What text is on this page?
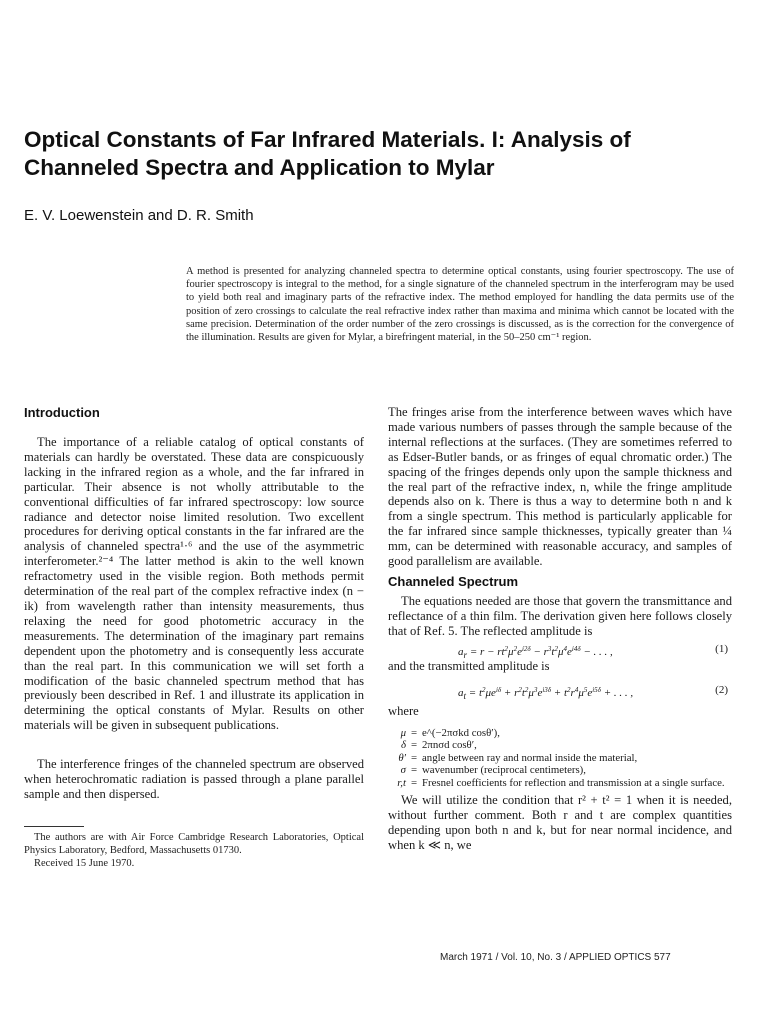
Optical Constants of Far Infrared Materials. I: Analysis of Channeled Spectra and Application to Mylar
E. V. Loewenstein and D. R. Smith
A method is presented for analyzing channeled spectra to determine optical constants, using fourier spectroscopy. The use of fourier spectroscopy is integral to the method, for a single signature of the channeled spectrum in the interferogram may be used to yield both real and imaginary parts of the refractive index. The method employed for handling the data permits use of the position of zero crossings to calculate the real refractive index rather than maxima and minima which cannot be located with the same precision. Determination of the order number of the zero crossings is discussed, as is the correction for the convergence of the illumination. Results are given for Mylar, a birefringent material, in the 50–250 cm⁻¹ region.
Introduction

The importance of a reliable catalog of optical constants of materials can hardly be overstated. These data are conspicuously lacking in the infrared region as a whole, and the far infrared in particular. Their absence is not wholly attributable to the conventional difficulties of far infrared spectroscopy: low source radiance and detector noise limited resolution. Two excellent procedures for deriving optical constants in the far infrared are the analysis of channeled spectra¹·⁶ and the use of the asymmetric interferometer.²⁻⁴ The latter method is akin to the well known refractometry used in the visible region. Both methods permit determination of the real part of the complex refractive index (n − ik) from wavelength rather than intensity measurements, thus relaxing the need for good photometric accuracy in the measurements. The determination of the imaginary part remains dependent upon the photometry and is consequently less accurate than the real part. In this communication we will set forth a modification of the basic channeled spectrum method that has previously been described in Ref. 1 and illustrate its application in determining the optical constants of Mylar. Results on other materials will be given in subsequent publications.

The interference fringes of the channeled spectrum are observed when heterochromatic radiation is passed through a plane parallel sample and then dispersed.

The authors are with Air Force Cambridge Research Laboratories, Optical Physics Laboratory, Bedford, Massachusetts 01730.

Received 15 June 1970.

The fringes arise from the interference between waves which have made various numbers of passes through the sample because of the internal reflections at the surfaces. (They are sometimes referred to as Edser-Butler bands, or as fringes of equal chromatic order.) The spacing of the fringes depends only upon the sample thickness and the real part of the refractive index, n, while the fringe amplitude depends also on k. There is thus a way to determine both n and k from a single spectrum. This method is particularly applicable for the far infrared since sample thicknesses, typically greater than ¼ mm, can be determined with reasonable accuracy, and samples of good parallelism are available.

Channeled Spectrum

The equations needed are those that govern the transmittance and reflectance of a thin film. The derivation given here follows closely that of Ref. 5. The reflected amplitude is

$a_r = r - rt^2\mu^2e^{i2\delta} - r^3t^2\mu^4e^{i4\delta}$ − . . . ,	(1)

and the transmitted amplitude is

$a_t = t^2\mu e^{i\delta} + r^2t^2\mu^3e^{i3\delta} + t^2r^4\mu^5e^{i5\delta}$ + . . . ,	(2)

where

μ = e^(−2πσkd cosθ′),
δ = 2πnσd cosθ′,
θ′ = angle between ray and normal inside the material,
σ = wavenumber (reciprocal centimeters),
r,t = Fresnel coefficients for reflection and transmission at a single surface.

We will utilize the condition that r² + t² = 1 when it is needed, without further comment. Both r and t are complex quantities depending upon both n and k, but for near normal incidence, and when k ≪ n, we

March 1971 / Vol. 10, No. 3 / APPLIED OPTICS 577
